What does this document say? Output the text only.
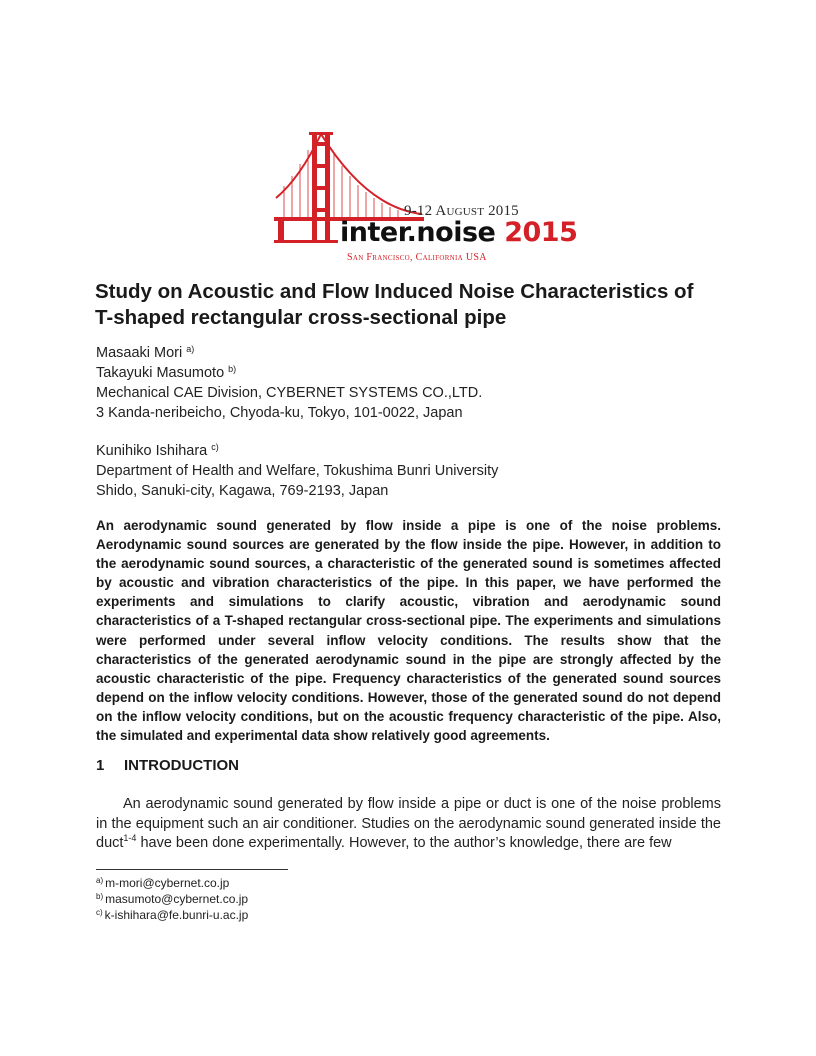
9-12 August 2015
inter.noise 2015
San Francisco, California USA
Study on Acoustic and Flow Induced Noise Characteristics of T-shaped rectangular cross-sectional pipe
Masaaki Mori $^{a)}$
Takayuki Masumoto $^{b)}$
Mechanical CAE Division, CYBERNET SYSTEMS CO.,LTD.
3 Kanda-neribeicho, Chyoda-ku, Tokyo, 101-0022, Japan
Kunihiko Ishihara $^{c)}$
Department of Health and Welfare, Tokushima Bunri University
Shido, Sanuki-city, Kagawa, 769-2193, Japan
An aerodynamic sound generated by flow inside a pipe is one of the noise problems. Aerodynamic sound sources are generated by the flow inside the pipe. However, in addition to the aerodynamic sound sources, a characteristic of the generated sound is sometimes affected by acoustic and vibration characteristics of the pipe. In this paper, we have performed the experiments and simulations to clarify acoustic, vibration and aerodynamic sound characteristics of a T-shaped rectangular cross-sectional pipe. The experiments and simulations were performed under several inflow velocity conditions. The results show that the characteristics of the generated aerodynamic sound in the pipe are strongly affected by the acoustic characteristic of the pipe. Frequency characteristics of the generated sound sources depend on the inflow velocity conditions. However, those of the generated sound do not depend on the inflow velocity conditions, but on the acoustic frequency characteristic of the pipe. Also, the simulated and experimental data show relatively good agreements.
1 INTRODUCTION
An aerodynamic sound generated by flow inside a pipe or duct is one of the noise problems in the equipment such an air conditioner. Studies on the aerodynamic sound generated inside the duct$^{1-4}$ have been done experimentally. However, to the author’s knowledge, there are few
$^{a)}$ m-mori@cybernet.co.jp
$^{b)}$ masumoto@cybernet.co.jp
$^{c)}$ k-ishihara@fe.bunri-u.ac.jp
